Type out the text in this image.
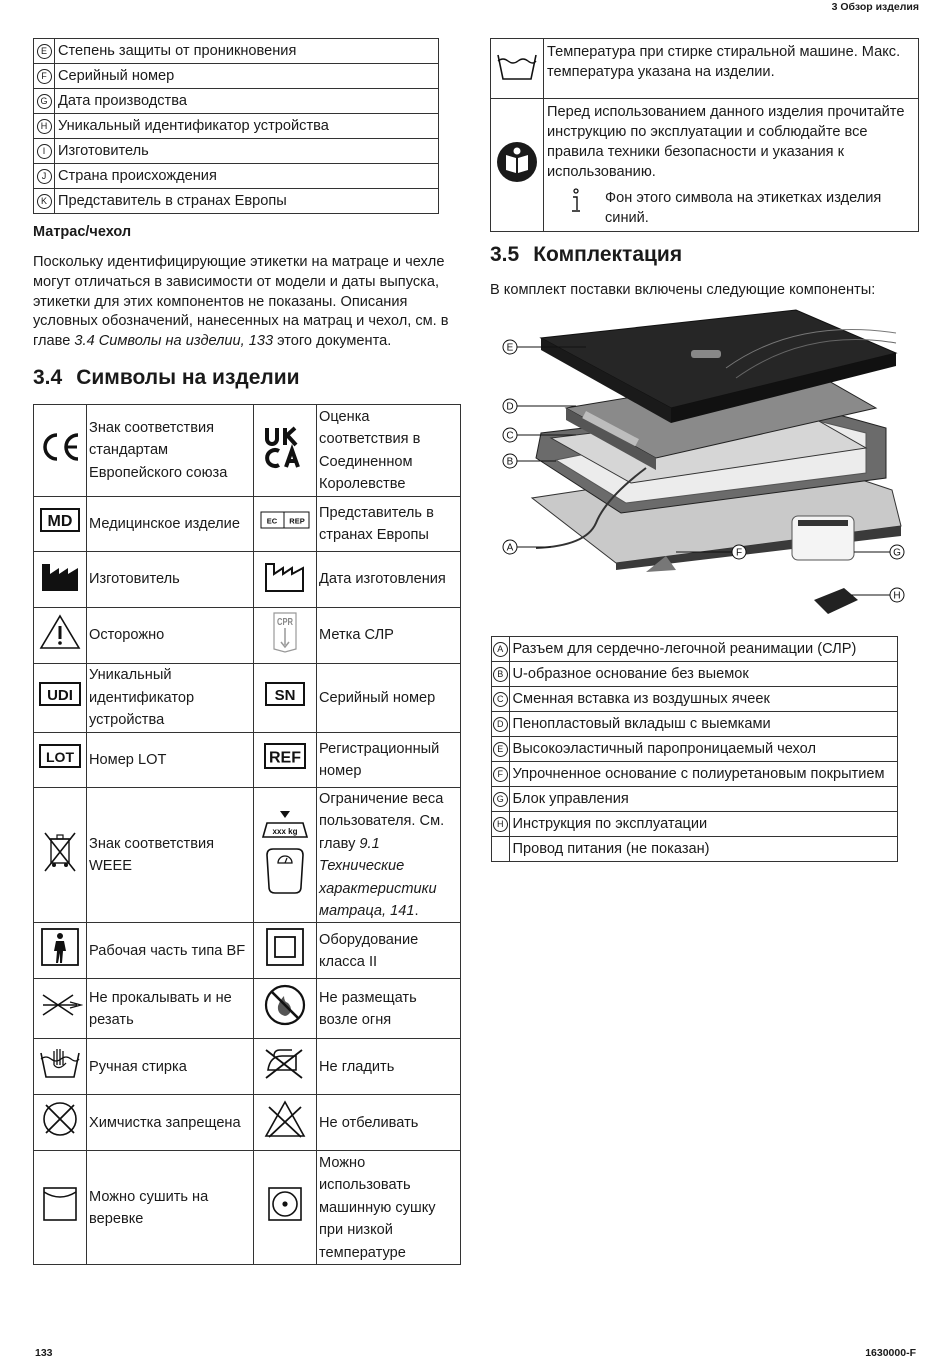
3 Обзор изделия
E	Степень защиты от проникновения
F	Серийный номер
G	Дата производства
H	Уникальный идентификатор устройства
I	Изготовитель
J	Страна происхождения
K	Представитель в странах Европы
Матрас/чехол
Поскольку идентифицирующие этикетки на матраце и чехле могут отличаться в зависимости от модели и даты выпуска, этикетки для этих компонентов не показаны. Описания условных обозначений, нанесенных на матрац и чехол, см. в главе 3.4 Символы на изделии, 133 этого документа.
3.4 Символы на изделии
	Знак соответствия стандартам Европейского союза		Оценка соответствия в Соединенном Королевстве

MD	Медицинское изделие	EC REP	Представитель в странах Европы
	Изготовитель		Дата изготовления
	Осторожно	CPR	Метка СЛР

UDI	Уникальный идентификатор устройства	SN	Серийный номер

LOT	Номер LOT	REF	Регистрационный номер
	Знак соответствия WEEE	xxx kg	Ограничение веса пользователя. См. главу 9.1 Технические характеристики матраца, 141.
	Рабочая часть типа BF		Оборудование класса II
	Не прокалывать и не резать		Не размещать возле огня
	Ручная стирка		Не гладить
	Химчистка запрещена		Не отбеливать
	Можно сушить на веревке		Можно использовать машинную сушку при низкой температуре
	Температура при стирке стиральной машине. Макс. температура указана на изделии.

Перед использованием данного изделия прочитайте инструкцию по эксплуатации и соблюдайте все правила техники безопасности и указания к использованию.
Фон этого символа на этикетках изделия синий.
3.5 Комплектация
В комплект поставки включены следующие компоненты:
E
D
C
B
A	F	G
H
A	Разъем для сердечно-легочной реанимации (СЛР)
B	U-образное основание без выемок
C	Сменная вставка из воздушных ячеек
D	Пенопластовый вкладыш с выемками
E	Высокоэластичный паропроницаемый чехол
F	Упрочненное основание с полиуретановым покрытием
G	Блок управления
H	Инструкция по эксплуатации
	Провод питания (не показан)
133	1630000-F
